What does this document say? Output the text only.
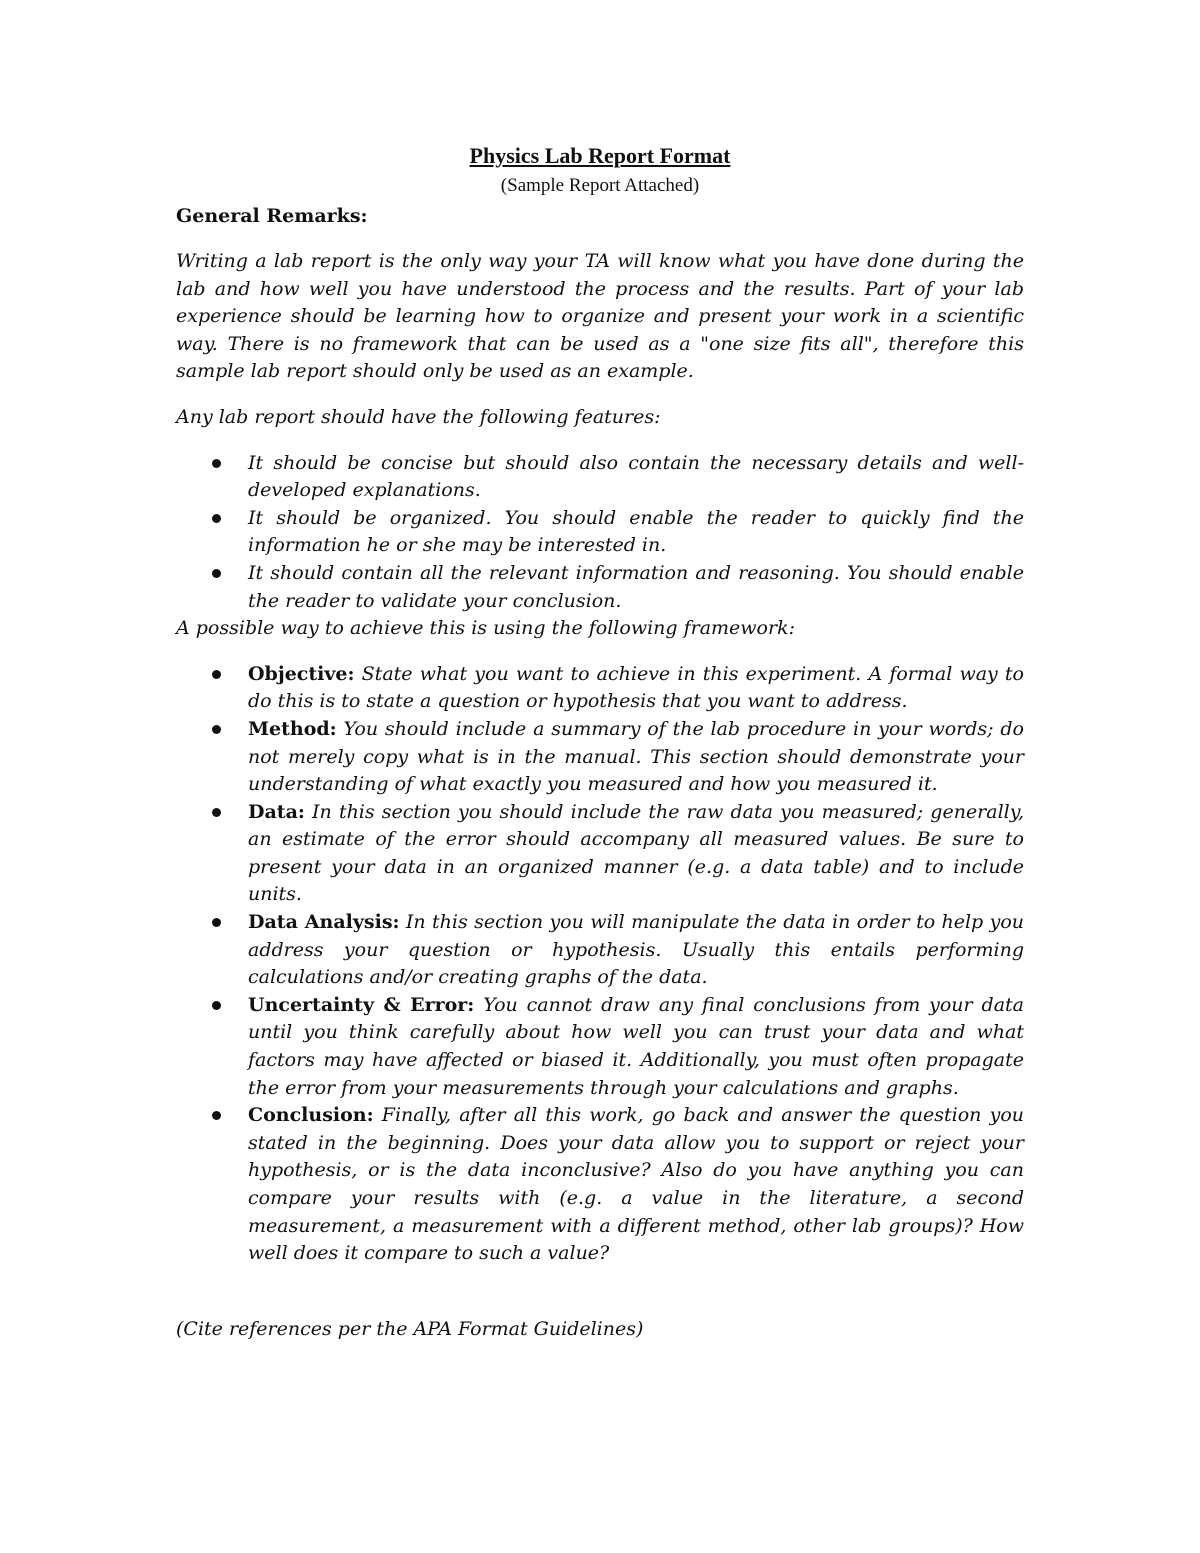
Physics Lab Report Format
(Sample Report Attached)
General Remarks:

Writing a lab report is the only way your TA will know what you have done during the lab and how well you have understood the process and the results. Part of your lab experience should be learning how to organize and present your work in a scientific way. There is no framework that can be used as a "one size fits all", therefore this sample lab report should only be used as an example.

Any lab report should have the following features:

It should be concise but should also contain the necessary details and well-developed explanations.
It should be organized. You should enable the reader to quickly find the information he or she may be interested in.
It should contain all the relevant information and reasoning. You should enable the reader to validate your conclusion.

A possible way to achieve this is using the following framework:

Objective: State what you want to achieve in this experiment. A formal way to do this is to state a question or hypothesis that you want to address.
Method: You should include a summary of the lab procedure in your words; do not merely copy what is in the manual. This section should demonstrate your understanding of what exactly you measured and how you measured it.
Data: In this section you should include the raw data you measured; generally, an estimate of the error should accompany all measured values. Be sure to present your data in an organized manner (e.g. a data table) and to include units.
Data Analysis: In this section you will manipulate the data in order to help you address your question or hypothesis. Usually this entails performing calculations and/or creating graphs of the data.
Uncertainty & Error: You cannot draw any final conclusions from your data until you think carefully about how well you can trust your data and what factors may have affected or biased it. Additionally, you must often propagate the error from your measurements through your calculations and graphs.
Conclusion: Finally, after all this work, go back and answer the question you stated in the beginning. Does your data allow you to support or reject your hypothesis, or is the data inconclusive? Also do you have anything you can compare your results with (e.g. a value in the literature, a second measurement, a measurement with a different method, other lab groups)? How well does it compare to such a value?

(Cite references per the APA Format Guidelines)
